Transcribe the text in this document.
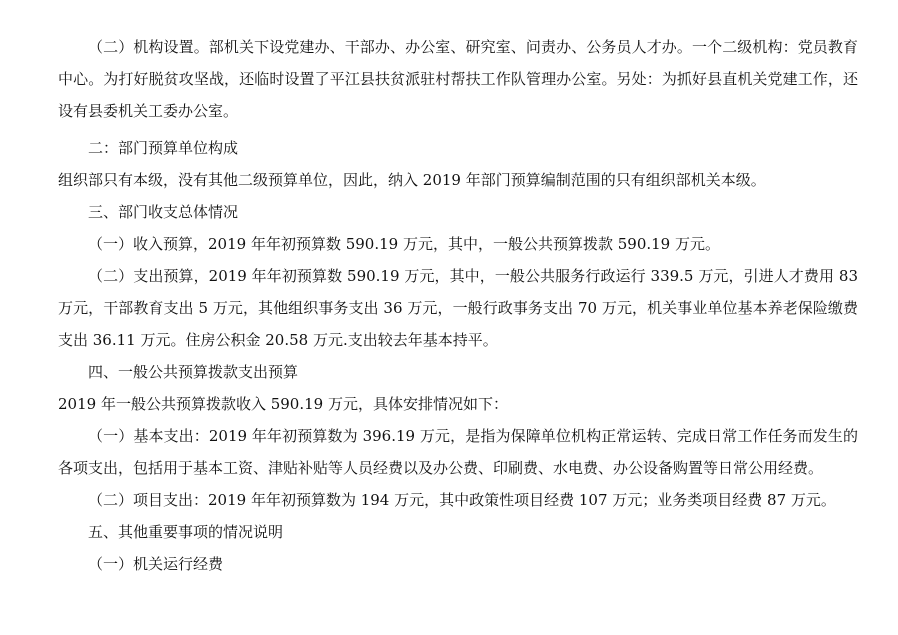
（二）机构设置。部机关下设党建办、干部办、办公室、研究室、问责办、公务员人才办。一个二级机构：党员教育中心。为打好脱贫攻坚战，还临时设置了平江县扶贫派驻村帮扶工作队管理办公室。另处：为抓好县直机关党建工作，还设有县委机关工委办公室。

二：部门预算单位构成

组织部只有本级，没有其他二级预算单位，因此，纳入 2019 年部门预算编制范围的只有组织部机关本级。

三、部门收支总体情况

（一）收入预算，2019 年年初预算数 590.19 万元，其中，一般公共预算拨款 590.19 万元。

（二）支出预算，2019 年年初预算数 590.19 万元，其中，一般公共服务行政运行 339.5 万元，引进人才费用 83 万元，干部教育支出 5 万元，其他组织事务支出 36 万元，一般行政事务支出 70 万元，机关事业单位基本养老保险缴费支出 36.11 万元。住房公积金 20.58 万元.支出较去年基本持平。

四、一般公共预算拨款支出预算

2019 年一般公共预算拨款收入 590.19 万元，具体安排情况如下：

（一）基本支出：2019 年年初预算数为 396.19 万元，是指为保障单位机构正常运转、完成日常工作任务而发生的各项支出，包括用于基本工资、津贴补贴等人员经费以及办公费、印刷费、水电费、办公设备购置等日常公用经费。

（二）项目支出：2019 年年初预算数为 194 万元，其中政策性项目经费 107 万元；业务类项目经费 87 万元。

五、其他重要事项的情况说明

（一）机关运行经费
